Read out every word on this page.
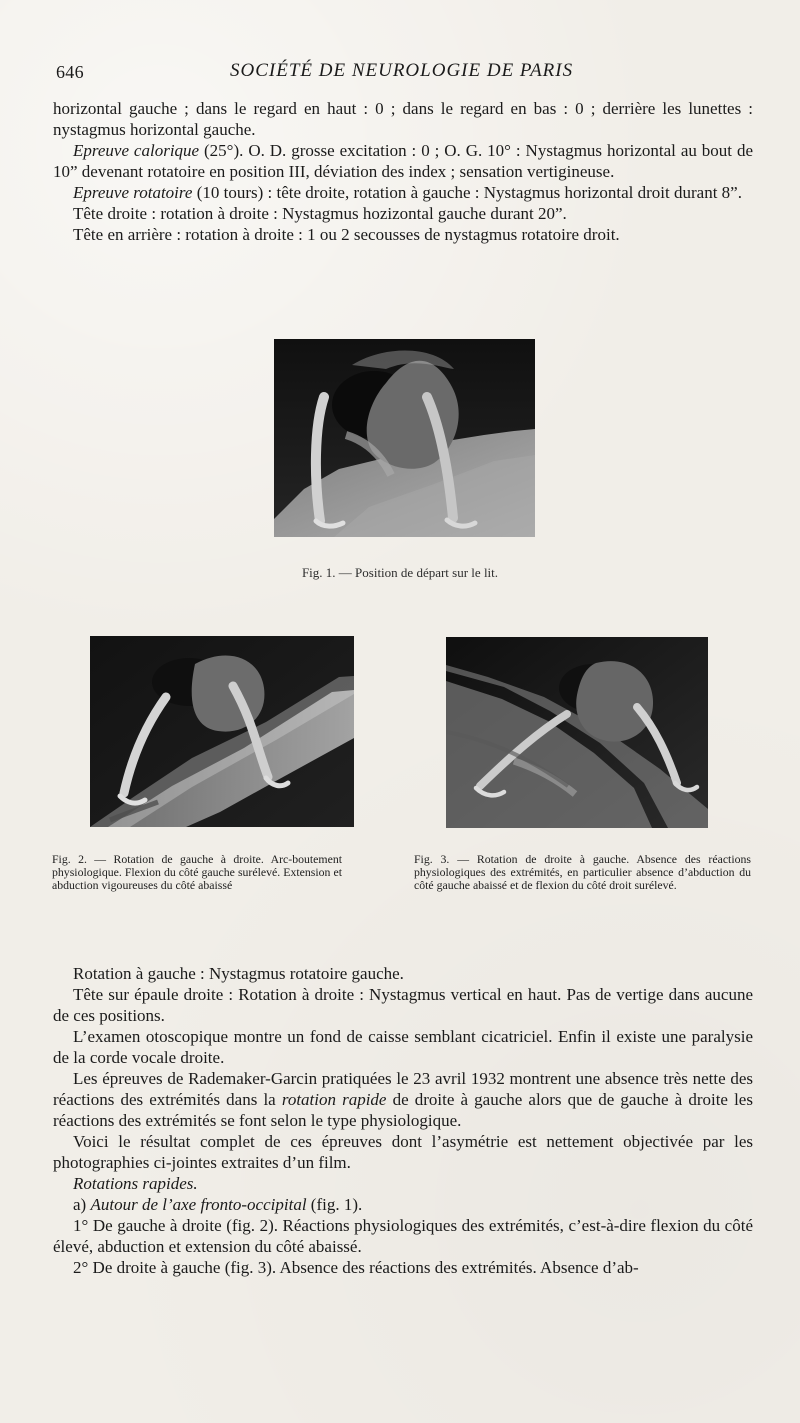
646	SOCIÉTÉ DE NEUROLOGIE DE PARIS

horizontal gauche ; dans le regard en haut : 0 ; dans le regard en bas : 0 ; derrière les lunettes : nystagmus horizontal gauche.

Epreuve calorique (25°). O. D. grosse excitation : 0 ; O. G. 10° : Nystagmus horizontal au bout de 10” devenant rotatoire en position III, déviation des index ; sensation vertigineuse.

Epreuve rotatoire (10 tours) : tête droite, rotation à gauche : Nystagmus horizontal droit durant 8”.

Tête droite : rotation à droite : Nystagmus hozizontal gauche durant 20”.

Tête en arrière : rotation à droite : 1 ou 2 secousses de nystagmus rotatoire droit.

Fig. 1. — Position de départ sur le lit.
Fig. 2. — Rotation de gauche à droite. Arc-boutement physiologique. Flexion du côté gauche surélevé. Extension et abduction vigoureuses du côté abaissé
Fig. 3. — Rotation de droite à gauche. Absence des réactions physiologiques des extrémités, en particulier absence d’abduction du côté gauche abaissé et de flexion du côté droit surélevé.

Rotation à gauche : Nystagmus rotatoire gauche.

Tête sur épaule droite : Rotation à droite : Nystagmus vertical en haut. Pas de vertige dans aucune de ces positions.

L’examen otoscopique montre un fond de caisse semblant cicatriciel. Enfin il existe une paralysie de la corde vocale droite.

Les épreuves de Rademaker-Garcin pratiquées le 23 avril 1932 montrent une absence très nette des réactions des extrémités dans la rotation rapide de droite à gauche alors que de gauche à droite les réactions des extrémités se font selon le type physiologique.

Voici le résultat complet de ces épreuves dont l’asymétrie est nettement objectivée par les photographies ci-jointes extraites d’un film.

Rotations rapides.

a) Autour de l’axe fronto-occipital (fig. 1).

1° De gauche à droite (fig. 2). Réactions physiologiques des extrémités, c’est-à-dire flexion du côté élevé, abduction et extension du côté abaissé.

2° De droite à gauche (fig. 3). Absence des réactions des extrémités. Absence d’ab-
